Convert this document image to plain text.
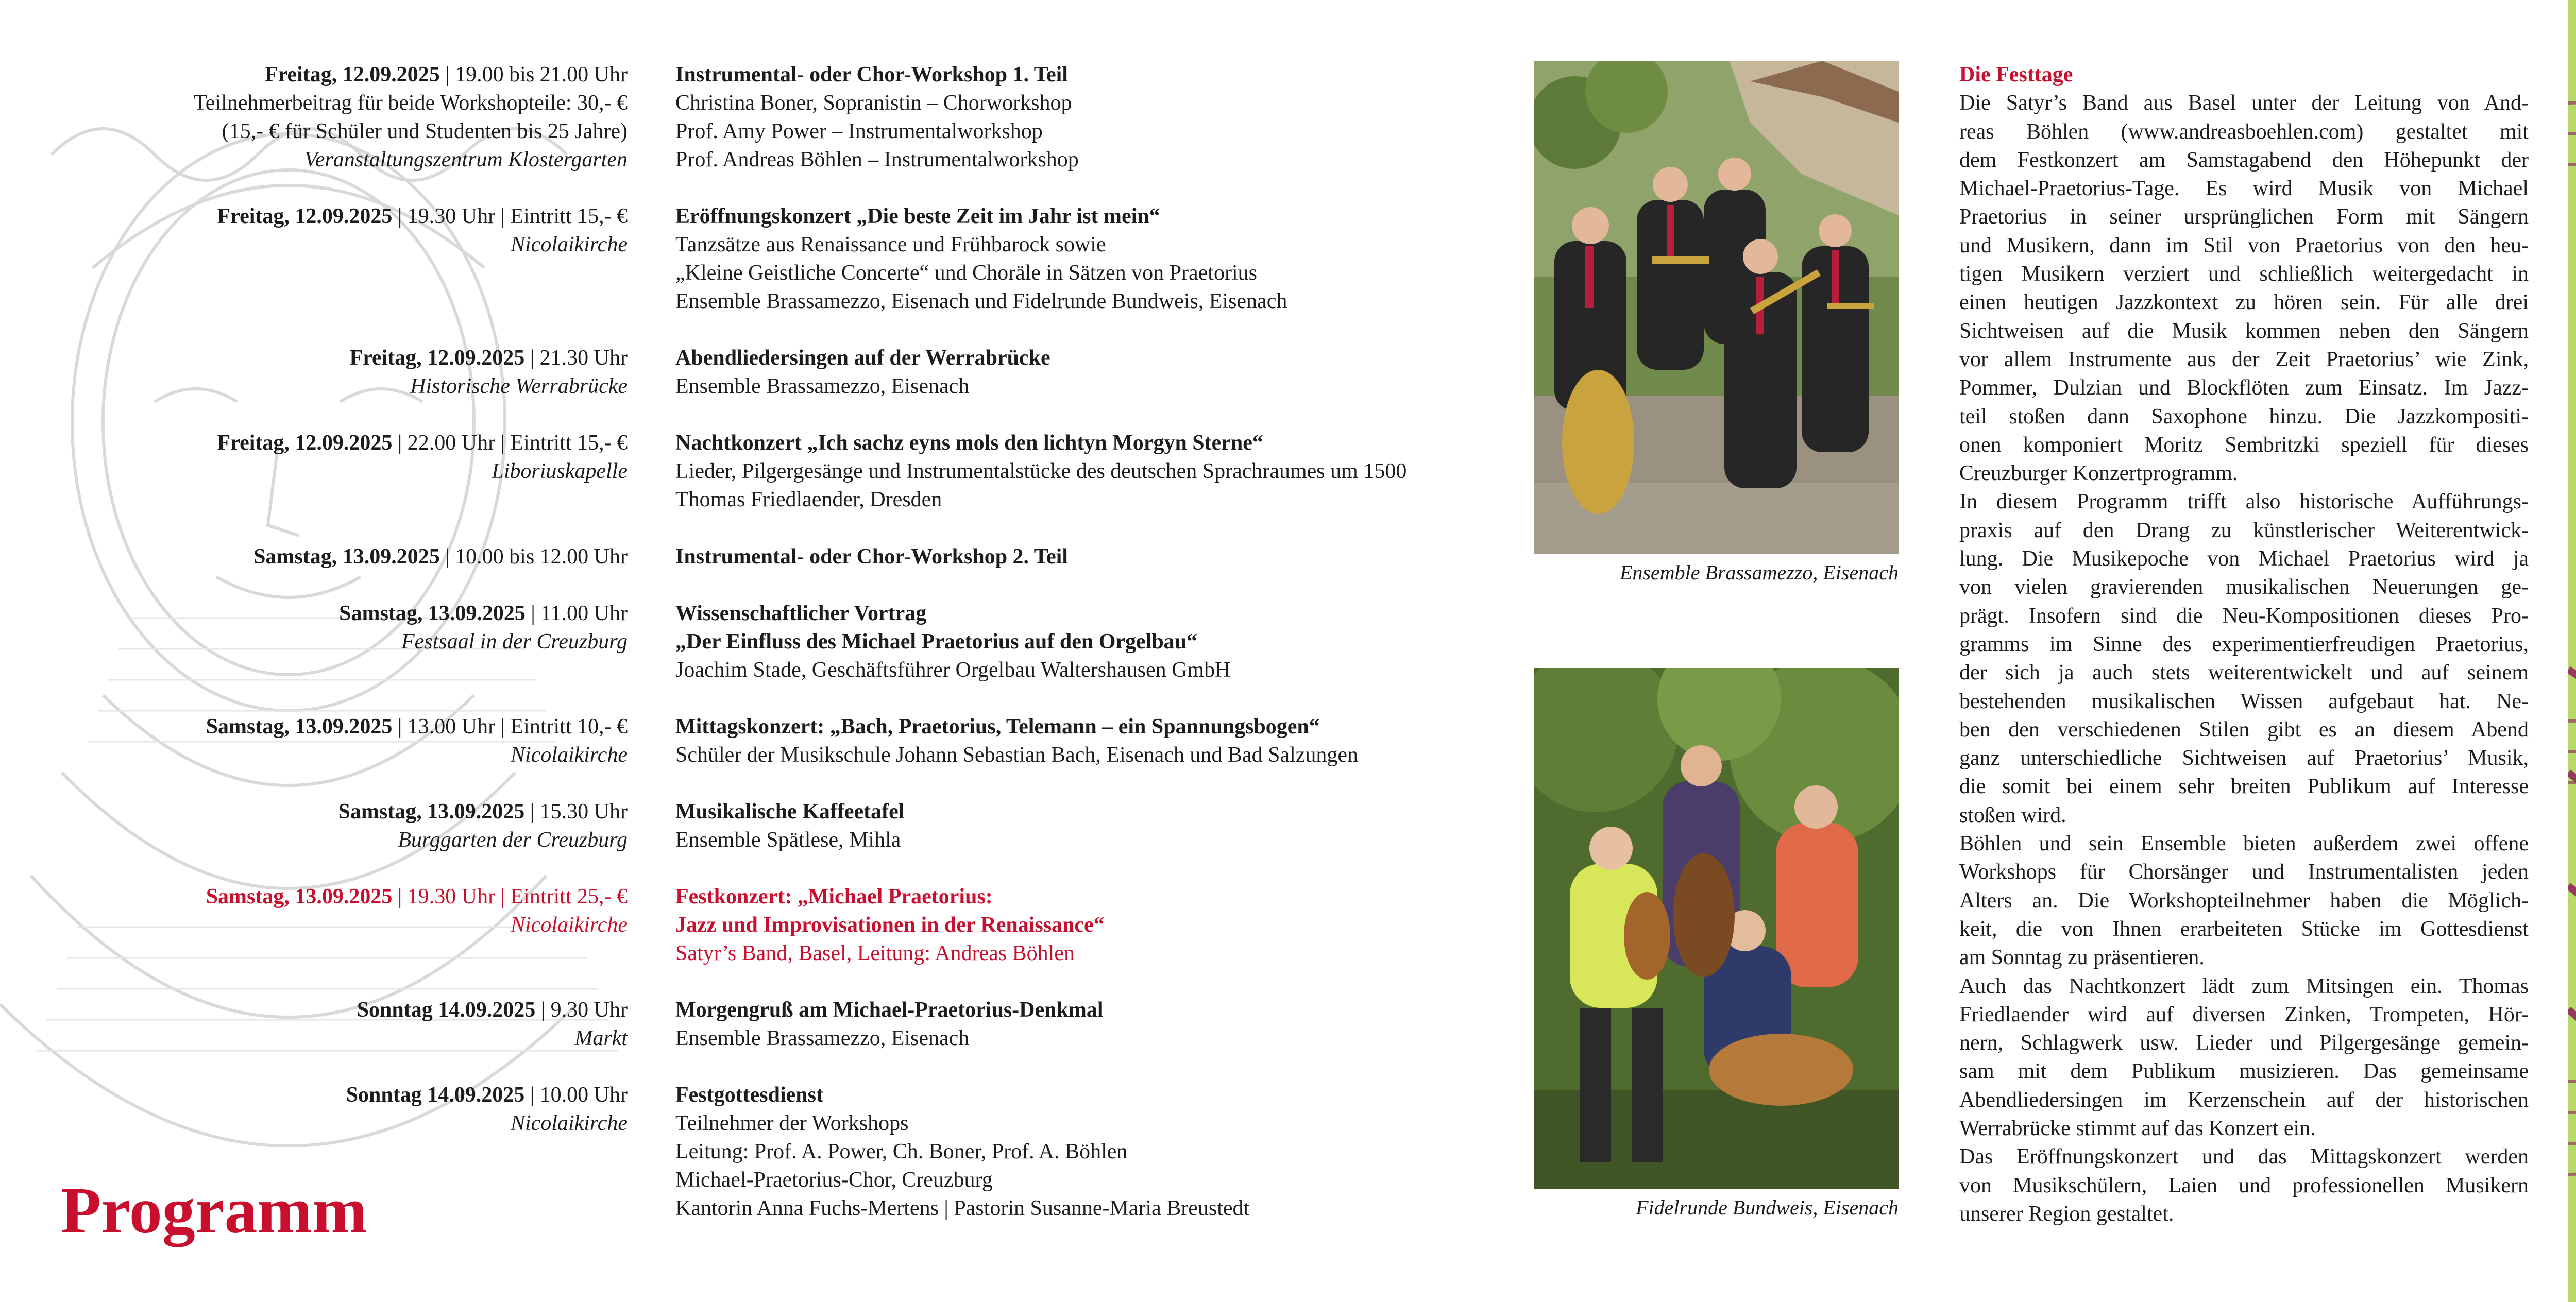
Freitag, 12.09.2025 | 19.00 bis 21.00 Uhr
Teilnehmerbeitrag für beide Workshopteile: 30,- €
(15,- € für Schüler und Studenten bis 25 Jahre)
Veranstaltungszentrum Klostergarten
Freitag, 12.09.2025 | 19.30 Uhr | Eintritt 15,- €
Nicolaikirche
Freitag, 12.09.2025 | 21.30 Uhr
Historische Werrabrücke
Freitag, 12.09.2025 | 22.00 Uhr | Eintritt 15,- €
Liboriuskapelle
Samstag, 13.09.2025 | 10.00 bis 12.00 Uhr
Samstag, 13.09.2025 | 11.00 Uhr
Festsaal in der Creuzburg
Samstag, 13.09.2025 | 13.00 Uhr | Eintritt 10,- €
Nicolaikirche
Samstag, 13.09.2025 | 15.30 Uhr
Burggarten der Creuzburg
Samstag, 13.09.2025 | 19.30 Uhr | Eintritt 25,- €
Nicolaikirche
Sonntag 14.09.2025 | 9.30 Uhr
Markt
Sonntag 14.09.2025 | 10.00 Uhr
Nicolaikirche
Programm
Instrumental- oder Chor-Workshop 1. Teil
Christina Boner, Sopranistin – Chorworkshop
Prof. Amy Power – Instrumentalworkshop
Prof. Andreas Böhlen – Instrumentalworkshop
Eröffnungskonzert „Die beste Zeit im Jahr ist mein“
Tanzsätze aus Renaissance und Frühbarock sowie
„Kleine Geistliche Concerte“ und Choräle in Sätzen von Praetorius
Ensemble Brassamezzo, Eisenach und Fidelrunde Bundweis, Eisenach
Abendliedersingen auf der Werrabrücke
Ensemble Brassamezzo, Eisenach
Nachtkonzert „Ich sachz eyns mols den lichtyn Morgyn Sterne“
Lieder, Pilgergesänge und Instrumentalstücke des deutschen Sprachraumes um 1500
Thomas Friedlaender, Dresden
Instrumental- oder Chor-Workshop 2. Teil
Wissenschaftlicher Vortrag
„Der Einfluss des Michael Praetorius auf den Orgelbau“
Joachim Stade, Geschäftsführer Orgelbau Waltershausen GmbH
Mittagskonzert: „Bach, Praetorius, Telemann – ein Spannungsbogen“
Schüler der Musikschule Johann Sebastian Bach, Eisenach und Bad Salzungen
Musikalische Kaffeetafel
Ensemble Spätlese, Mihla
Festkonzert: „Michael Praetorius:
Jazz und Improvisationen in der Renaissance“
Satyr’s Band, Basel, Leitung: Andreas Böhlen
Morgengruß am Michael-Praetorius-Denkmal
Ensemble Brassamezzo, Eisenach
Festgottesdienst
Teilnehmer der Workshops
Leitung: Prof. A. Power, Ch. Boner, Prof. A. Böhlen
Michael-Praetorius-Chor, Creuzburg
Kantorin Anna Fuchs-Mertens | Pastorin Susanne-Maria Breustedt
Ensemble Brassamezzo, Eisenach
Fidelrunde Bundweis, Eisenach
Die Festtage
Die Satyr’s Band aus Basel unter der Leitung von And-
reas Böhlen (www.andreasboehlen.com) gestaltet mit
dem Festkonzert am Samstagabend den Höhepunkt der
Michael-Praetorius-Tage. Es wird Musik von Michael
Praetorius in seiner ursprünglichen Form mit Sängern
und Musikern, dann im Stil von Praetorius von den heu-
tigen Musikern verziert und schließlich weitergedacht in
einen heutigen Jazzkontext zu hören sein. Für alle drei
Sichtweisen auf die Musik kommen neben den Sängern
vor allem Instrumente aus der Zeit Praetorius’ wie Zink,
Pommer, Dulzian und Blockflöten zum Einsatz. Im Jazz-
teil stoßen dann Saxophone hinzu. Die Jazzkompositi-
onen komponiert Moritz Sembritzki speziell für dieses
Creuzburger Konzertprogramm.
In diesem Programm trifft also historische Aufführungs-
praxis auf den Drang zu künstlerischer Weiterentwick-
lung. Die Musikepoche von Michael Praetorius wird ja
von vielen gravierenden musikalischen Neuerungen ge-
prägt. Insofern sind die Neu-Kompositionen dieses Pro-
gramms im Sinne des experimentierfreudigen Praetorius,
der sich ja auch stets weiterentwickelt und auf seinem
bestehenden musikalischen Wissen aufgebaut hat. Ne-
ben den verschiedenen Stilen gibt es an diesem Abend
ganz unterschiedliche Sichtweisen auf Praetorius’ Musik,
die somit bei einem sehr breiten Publikum auf Interesse
stoßen wird.
Böhlen und sein Ensemble bieten außerdem zwei offene
Workshops für Chorsänger und Instrumentalisten jeden
Alters an. Die Workshopteilnehmer haben die Möglich-
keit, die von Ihnen erarbeiteten Stücke im Gottesdienst
am Sonntag zu präsentieren.
Auch das Nachtkonzert lädt zum Mitsingen ein. Thomas
Friedlaender wird auf diversen Zinken, Trompeten, Hör-
nern, Schlagwerk usw. Lieder und Pilgergesänge gemein-
sam mit dem Publikum musizieren. Das gemeinsame
Abendliedersingen im Kerzenschein auf der historischen
Werrabrücke stimmt auf das Konzert ein.
Das Eröffnungskonzert und das Mittagskonzert werden
von Musikschülern, Laien und professionellen Musikern
unserer Region gestaltet.
